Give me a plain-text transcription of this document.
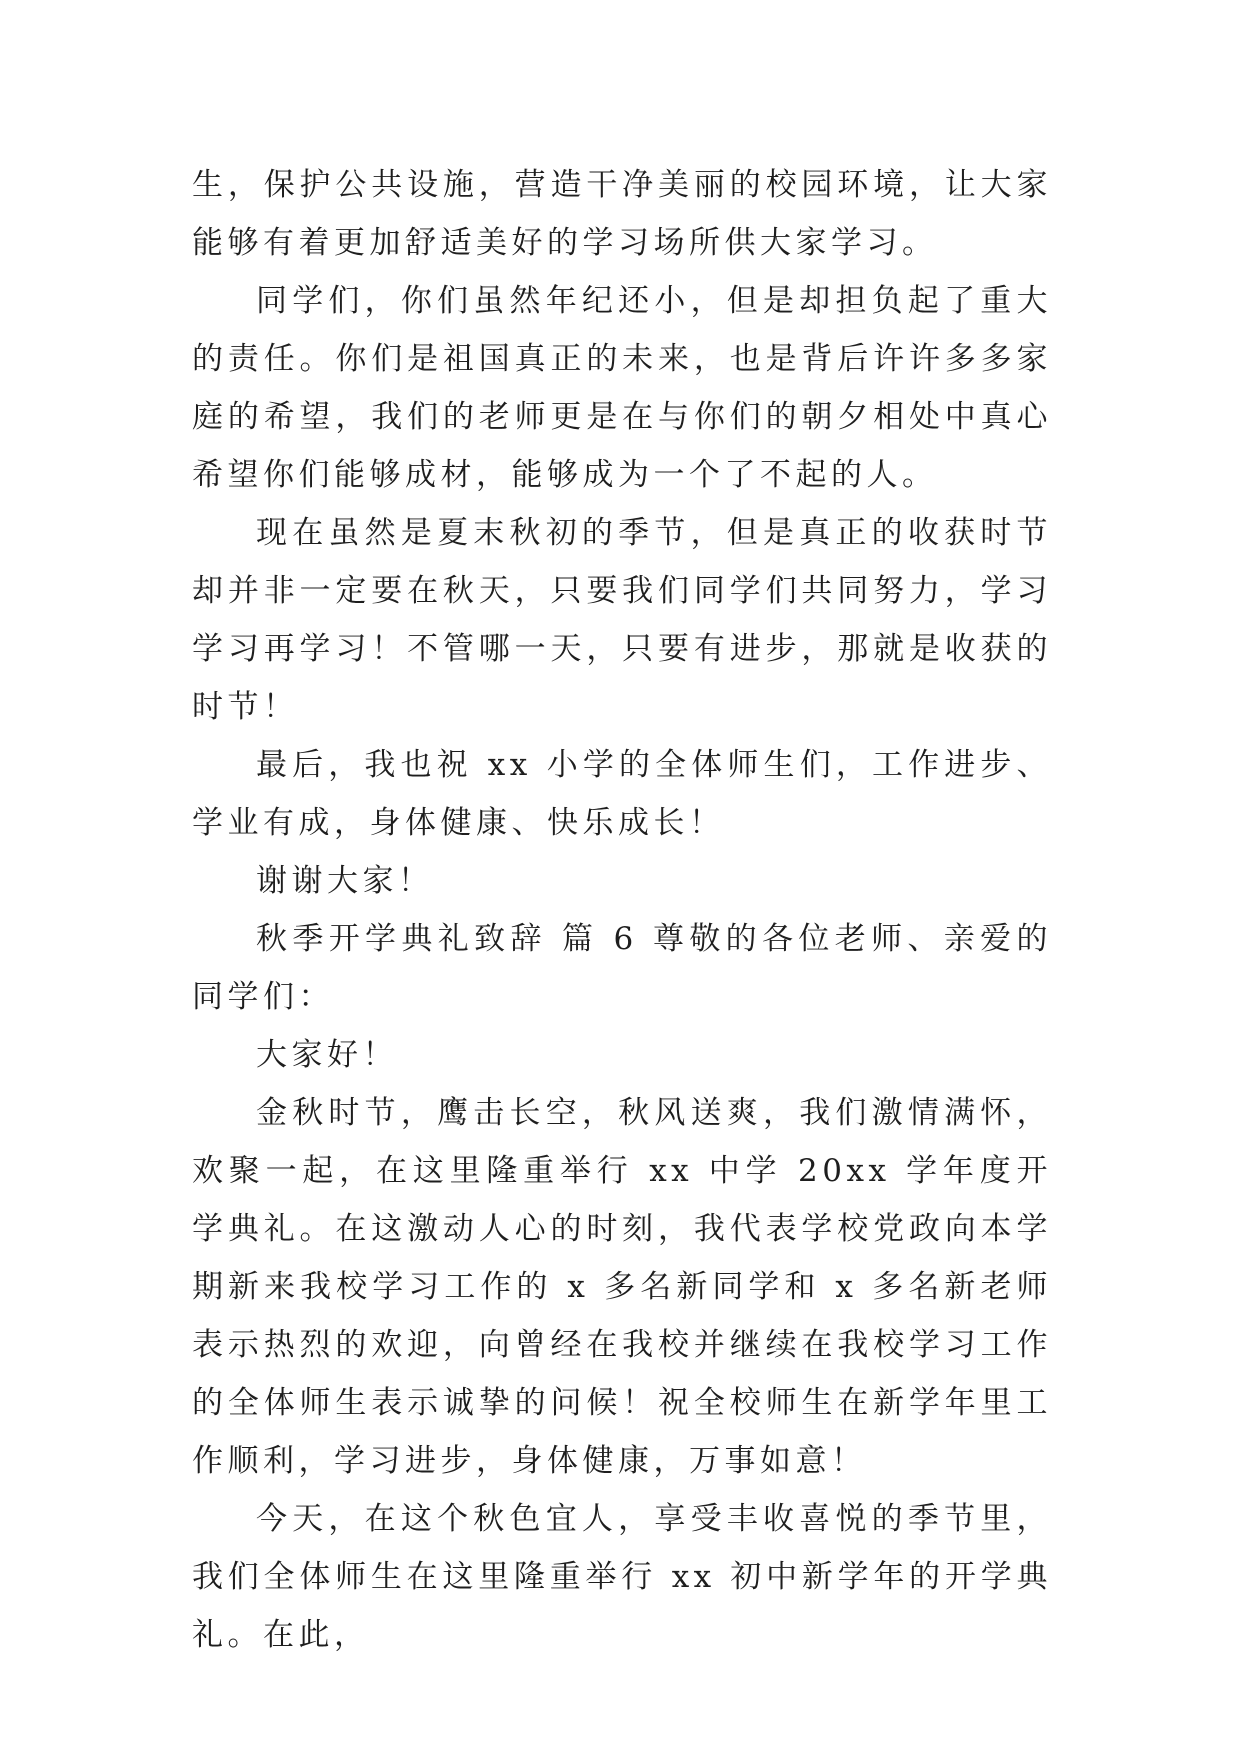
生，保护公共设施，营造干净美丽的校园环境，让大家能够有着更加舒适美好的学习场所供大家学习。

同学们，你们虽然年纪还小，但是却担负起了重大的责任。你们是祖国真正的未来，也是背后许许多多家庭的希望，我们的老师更是在与你们的朝夕相处中真心希望你们能够成材，能够成为一个了不起的人。

现在虽然是夏末秋初的季节，但是真正的收获时节却并非一定要在秋天，只要我们同学们共同努力，学习学习再学习！不管哪一天，只要有进步，那就是收获的时节！

最后，我也祝 xx 小学的全体师生们，工作进步、学业有成，身体健康、快乐成长！

谢谢大家！

秋季开学典礼致辞 篇 6 尊敬的各位老师、亲爱的同学们：

大家好！

金秋时节，鹰击长空，秋风送爽，我们激情满怀，欢聚一起，在这里隆重举行 xx 中学 20xx 学年度开学典礼。在这激动人心的时刻，我代表学校党政向本学期新来我校学习工作的 x 多名新同学和 x 多名新老师表示热烈的欢迎，向曾经在我校并继续在我校学习工作的全体师生表示诚挚的问候！祝全校师生在新学年里工作顺利，学习进步，身体健康，万事如意！

今天，在这个秋色宜人，享受丰收喜悦的季节里，我们全体师生在这里隆重举行 xx 初中新学年的开学典礼。在此，
